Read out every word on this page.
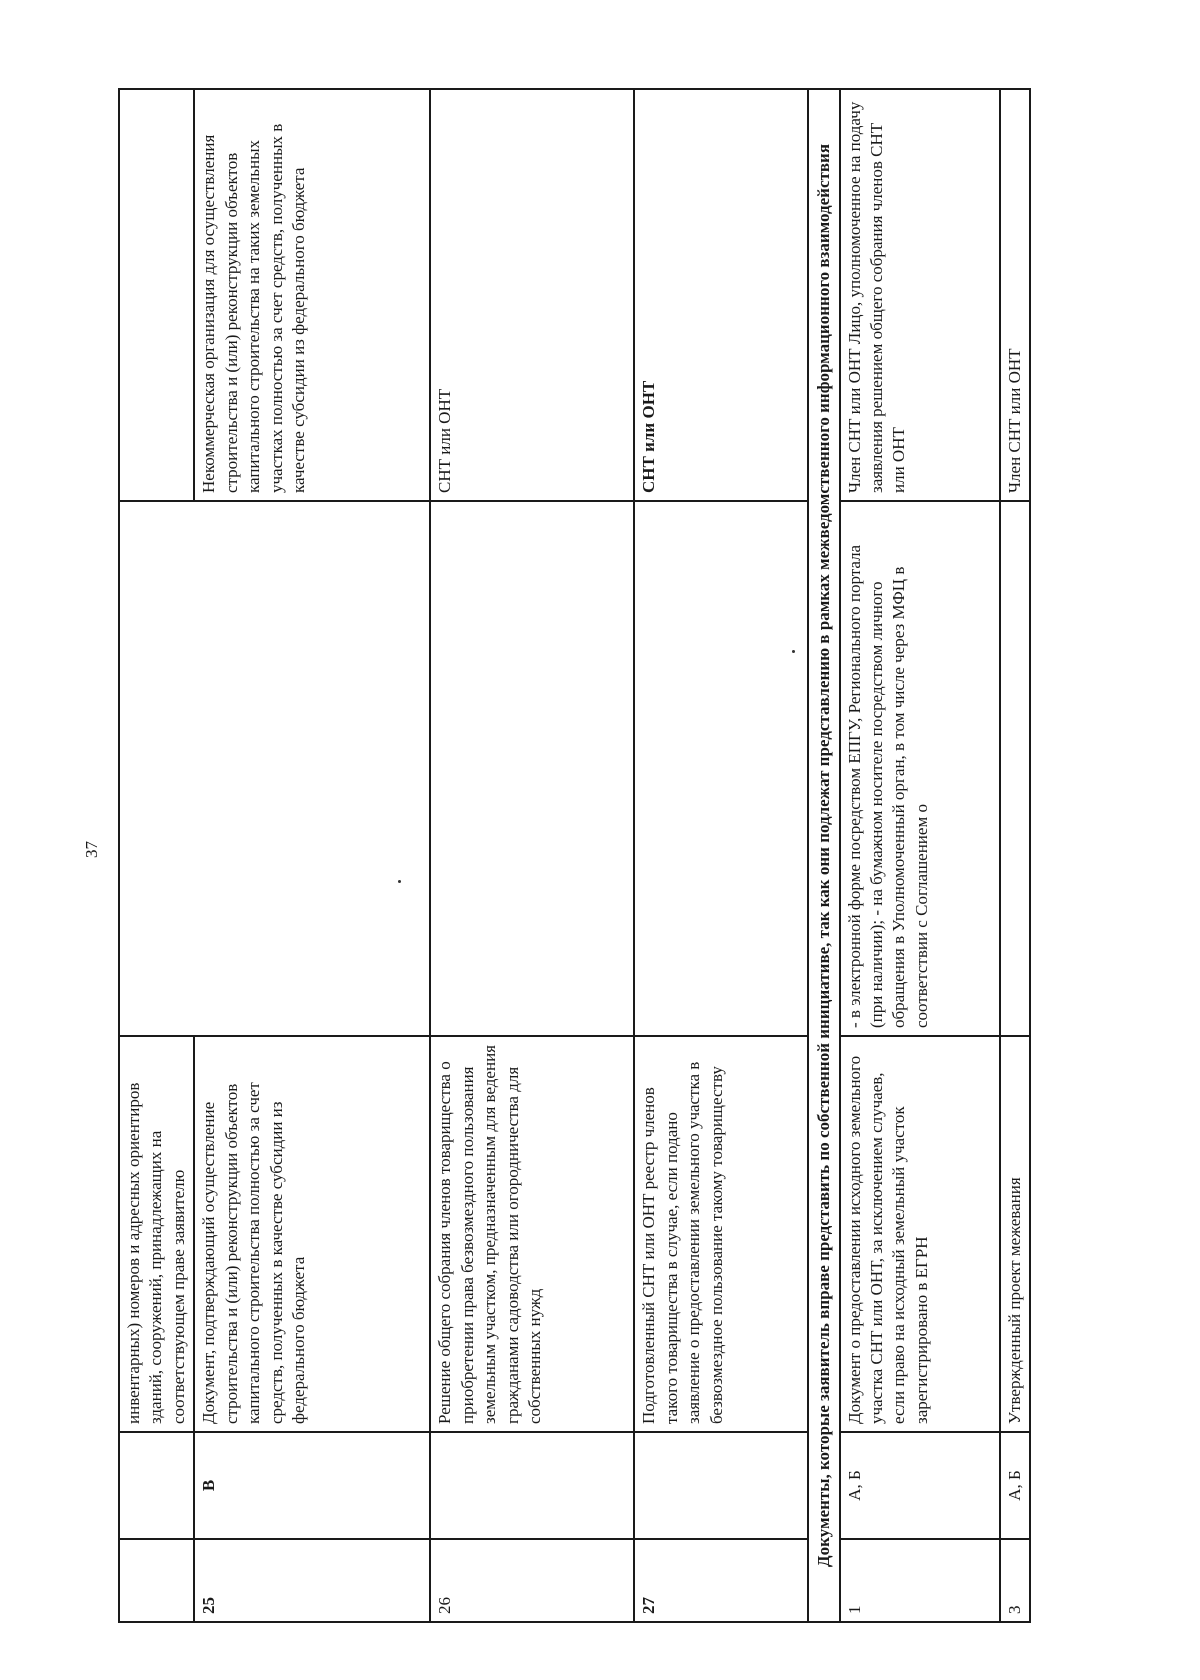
37
		инвентарных) номеров и адресных ориентиров зданий, сооружений, принадлежащих на соответствующем праве заявителю		
25	В	Документ, подтверждающий осуществление строительства и (или) реконструкции объектов капитального строительства полностью за счет средств, полученных в качестве субсидии из федерального бюджета		Некоммерческая организация для осуществления строительства и (или) реконструкции объектов капитального строительства на таких земельных участках полностью за счет средств, полученных в качестве субсидии из федерального бюджета
26		Решение общего собрания членов товарищества о приобретении права безвозмездного пользования земельным участком, предназначенным для ведения гражданами садоводства или огородничества для собственных нужд		СНТ или ОНТ
27		Подготовленный СНТ или ОНТ реестр членов такого товарищества в случае, если подано заявление о предоставлении земельного участка в безвозмездное пользование такому товариществу		СНТ или ОНТ
Документы, которые заявитель вправе представить по собственной инициативе, так как они подлежат представлению в рамках межведомственного информационного взаимодействия				
1	А, Б	Документ о предоставлении исходного земельного участка СНТ или ОНТ, за исключением случаев, если право на исходный земельный участок зарегистрировано в ЕГРН	- в электронной форме посредством ЕПГУ, Регионального портала (при наличии); - на бумажном носителе посредством личного обращения в Уполномоченный орган, в том числе через МФЦ в соответствии с Соглашением о	Член СНТ или ОНТ Лицо, уполномоченное на подачу заявления решением общего собрания членов СНТ или ОНТ
3	А, Б	Утвержденный проект межевания		Член СНТ или ОНТ
